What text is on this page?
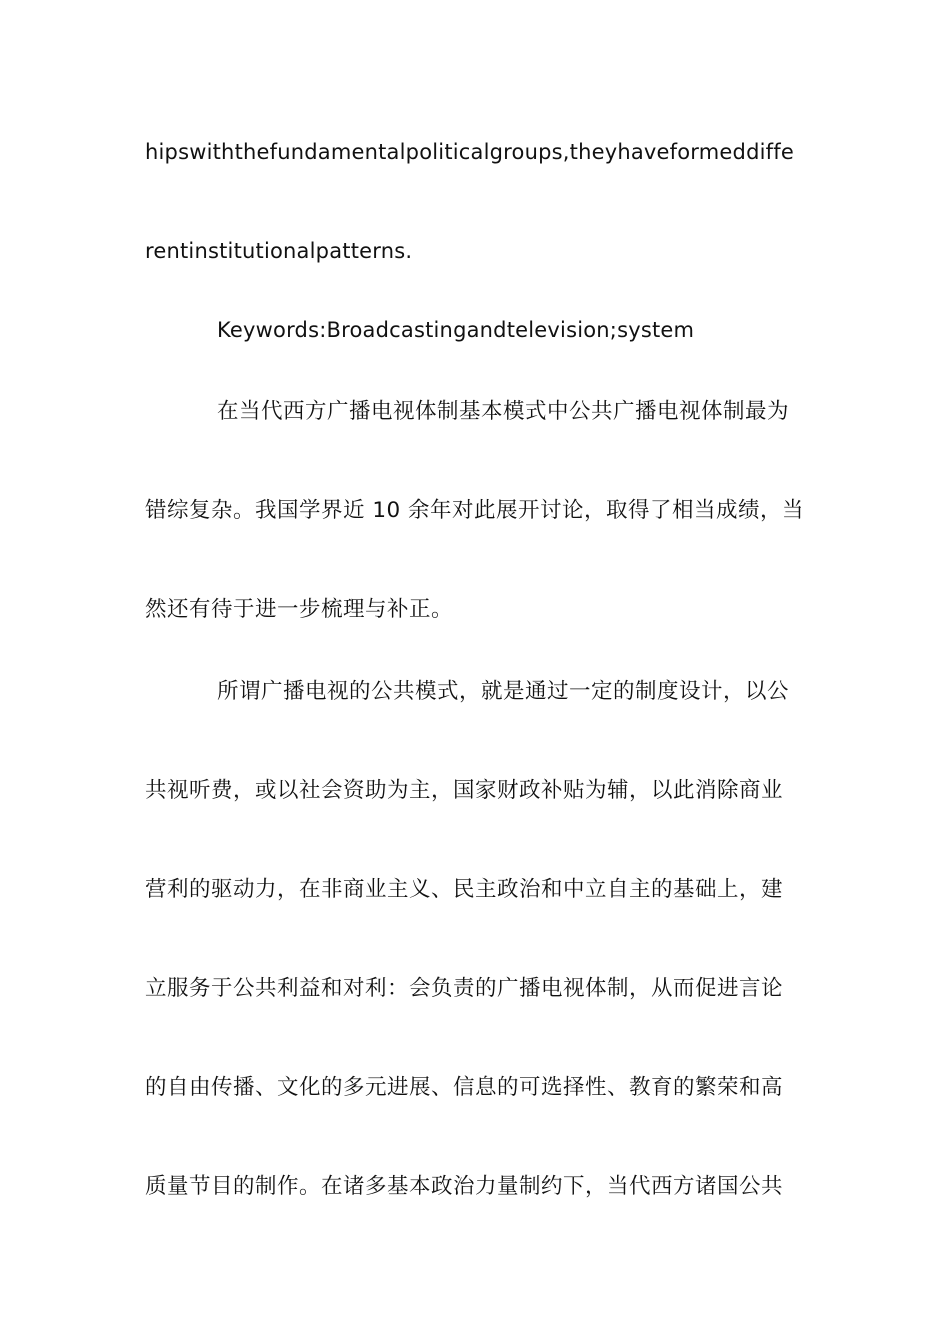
hipswiththefundamentalpoliticalgroups,theyhaveformeddiffe
rentinstitutionalpatterns.
Keywords:Broadcastingandtelevision;system
在当代西方广播电视体制基本模式中公共广播电视体制最为
错综复杂。我国学界近 10 余年对此展开讨论，取得了相当成绩，当
然还有待于进一步梳理与补正。
所谓广播电视的公共模式，就是通过一定的制度设计，以公
共视听费，或以社会资助为主，国家财政补贴为辅，以此消除商业
营利的驱动力，在非商业主义、民主政治和中立自主的基础上，建
立服务于公共利益和对利：会负责的广播电视体制，从而促进言论
的自由传播、文化的多元进展、信息的可选择性、教育的繁荣和高
质量节目的制作。在诸多基本政治力量制约下，当代西方诸国公共
